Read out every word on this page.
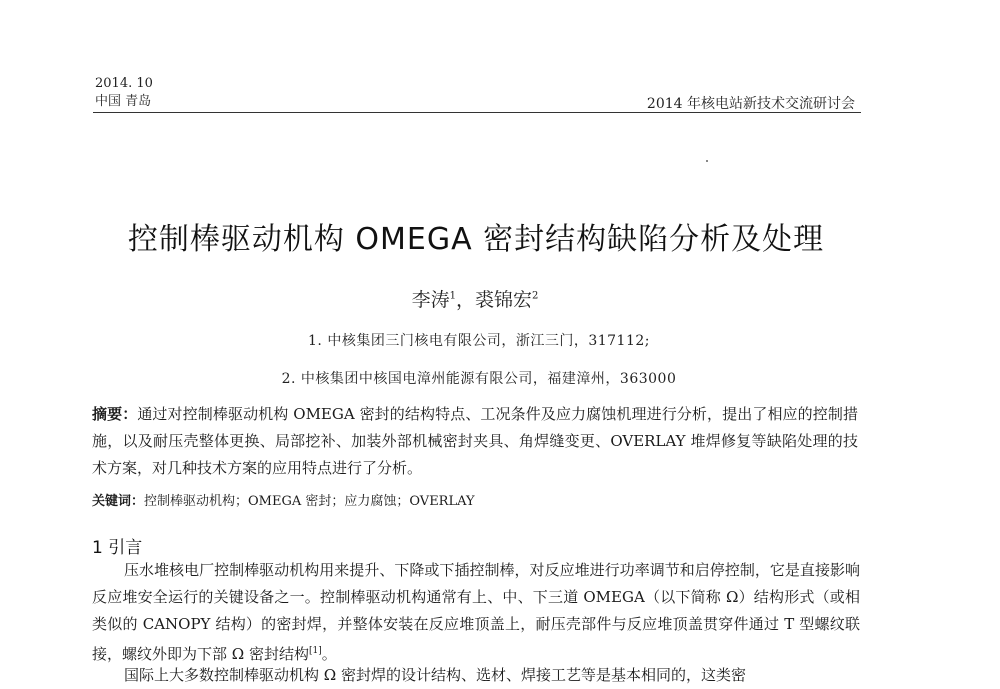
2014. 10
中国 青岛	2014 年核电站新技术交流研讨会
控制棒驱动机构 OMEGA 密封结构缺陷分析及处理
李涛$^1$，裘锦宏$^2$
1. 中核集团三门核电有限公司，浙江三门，317112;
2. 中核集团中核国电漳州能源有限公司，福建漳州，363000
摘要：通过对控制棒驱动机构 OMEGA 密封的结构特点、工况条件及应力腐蚀机理进行分析，提出了相应的控制措施，以及耐压壳整体更换、局部挖补、加装外部机械密封夹具、角焊缝变更、OVERLAY 堆焊修复等缺陷处理的技术方案，对几种技术方案的应用特点进行了分析。
关键词：控制棒驱动机构；OMEGA 密封；应力腐蚀；OVERLAY
1 引言
压水堆核电厂控制棒驱动机构用来提升、下降或下插控制棒，对反应堆进行功率调节和启停控制，它是直接影响反应堆安全运行的关键设备之一。控制棒驱动机构通常有上、中、下三道 OMEGA（以下简称 Ω）结构形式（或相类似的 CANOPY 结构）的密封焊，并整体安装在反应堆顶盖上，耐压壳部件与反应堆顶盖贯穿件通过 T 型螺纹联接，螺纹外即为下部 Ω 密封结构[1]。
国际上大多数控制棒驱动机构 Ω 密封焊的设计结构、选材、焊接工艺等是基本相同的，这类密
